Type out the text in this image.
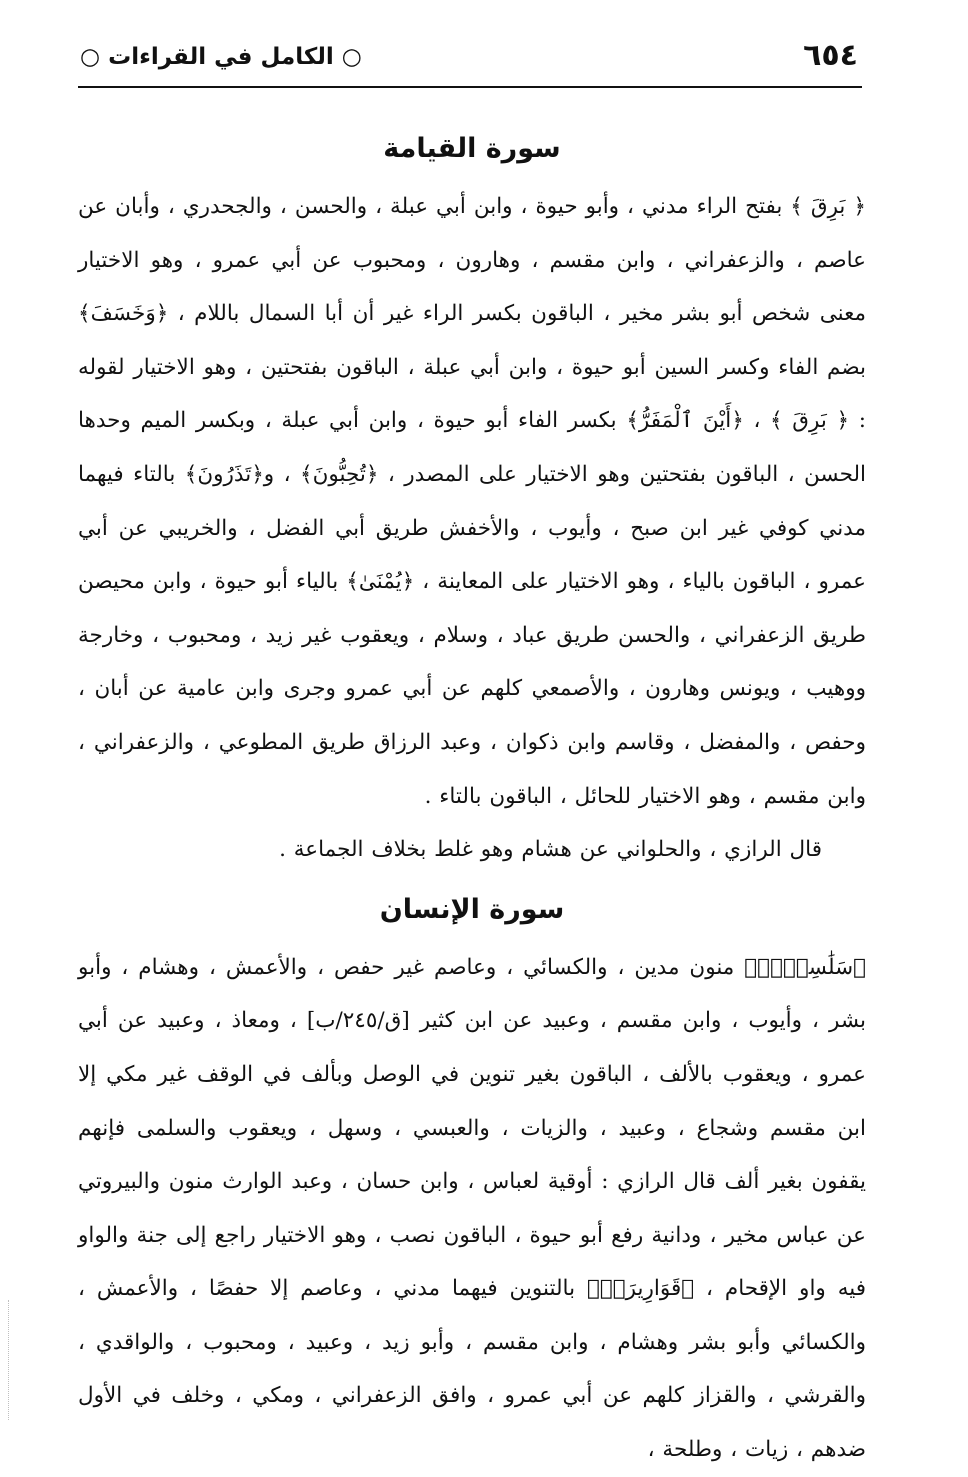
○ الكامل في القراءات ○	٦٥٤
سورة القيامة

﴿ بَرِقَ ﴾ بفتح الراء مدني ، وأبو حيوة ، وابن أبي عبلة ، والحسن ، والجحدري ، وأبان عن عاصم ، والزعفراني ، وابن مقسم ، وهارون ، ومحبوب عن أبي عمرو ، وهو الاختيار معنى شخص أبو بشر مخير ، الباقون بكسر الراء غير أن أبا السمال باللام ، ﴿وَخَسَفَ﴾ بضم الفاء وكسر السين أبو حيوة ، وابن أبي عبلة ، الباقون بفتحتين ، وهو الاختيار لقوله : ﴿ بَرِقَ ﴾ ، ﴿أَيْنَ ٱلْمَفَرُّ﴾ بكسر الفاء أبو حيوة ، وابن أبي عبلة ، وبكسر الميم وحدها الحسن ، الباقون بفتحتين وهو الاختيار على المصدر ، ﴿تُحِبُّونَ﴾ ، و﴿تَذَرُونَ﴾ بالتاء فيهما مدني كوفي غير ابن صبح ، وأيوب ، والأخفش طريق أبي الفضل ، والخريبي عن أبي عمرو ، الباقون بالياء ، وهو الاختيار على المعاينة ، ﴿يُمْنَىٰ﴾ بالياء أبو حيوة ، وابن محيصن طريق الزعفراني ، والحسن طريق عباد ، وسلام ، ويعقوب غير زيد ، ومحبوب ، وخارجة ووهيب ، ويونس وهارون ، والأصمعي كلهم عن أبي عمرو وجرى وابن عامية عن أبان ، وحفص ، والمفضل ، وقاسم وابن ذكوان ، وعبد الرزاق طريق المطوعي ، والزعفراني ، وابن مقسم ، وهو الاختيار للحائل ، الباقون بالتاء .

قال الرازي ، والحلواني عن هشام وهو غلط بخلاف الجماعة .

سورة الإنسان

﴿سَلَٰسِلَا۟﴾ منون مدين ، والكسائي ، وعاصم غير حفص ، والأعمش ، وهشام ، وأبو بشر ، وأيوب ، وابن مقسم ، وعبيد عن ابن كثير [ق/٢٤٥/ب] ، ومعاذ ، وعبيد عن أبي عمرو ، ويعقوب بالألف ، الباقون بغير تنوين في الوصل وبألف في الوقف غير مكي إلا ابن مقسم وشجاع ، وعبيد ، والزيات ، والعبسي ، وسهل ، ويعقوب والسلمى فإنهم يقفون بغير ألف قال الرازي : أوقية لعباس ، وابن حسان ، وعبد الوارث منون والبيروتي عن عباس مخير ، ودانية رفع أبو حيوة ، الباقون نصب ، وهو الاختيار راجع إلى جنة والواو فيه واو الإقحام ، ﴿قَوَارِيرَا۟﴾ بالتنوين فيهما مدني ، وعاصم إلا حفصًا ، والأعمش ، والكسائي وأبو بشر وهشام ، وابن مقسم ، وأبو زيد ، وعبيد ، ومحبوب ، والواقدي ، والقرشي ، والقزاز كلهم عن أبي عمرو ، وافق الزعفراني ، ومكي ، وخلف في الأول ضدهم ، زيات ، وطلحة ،
